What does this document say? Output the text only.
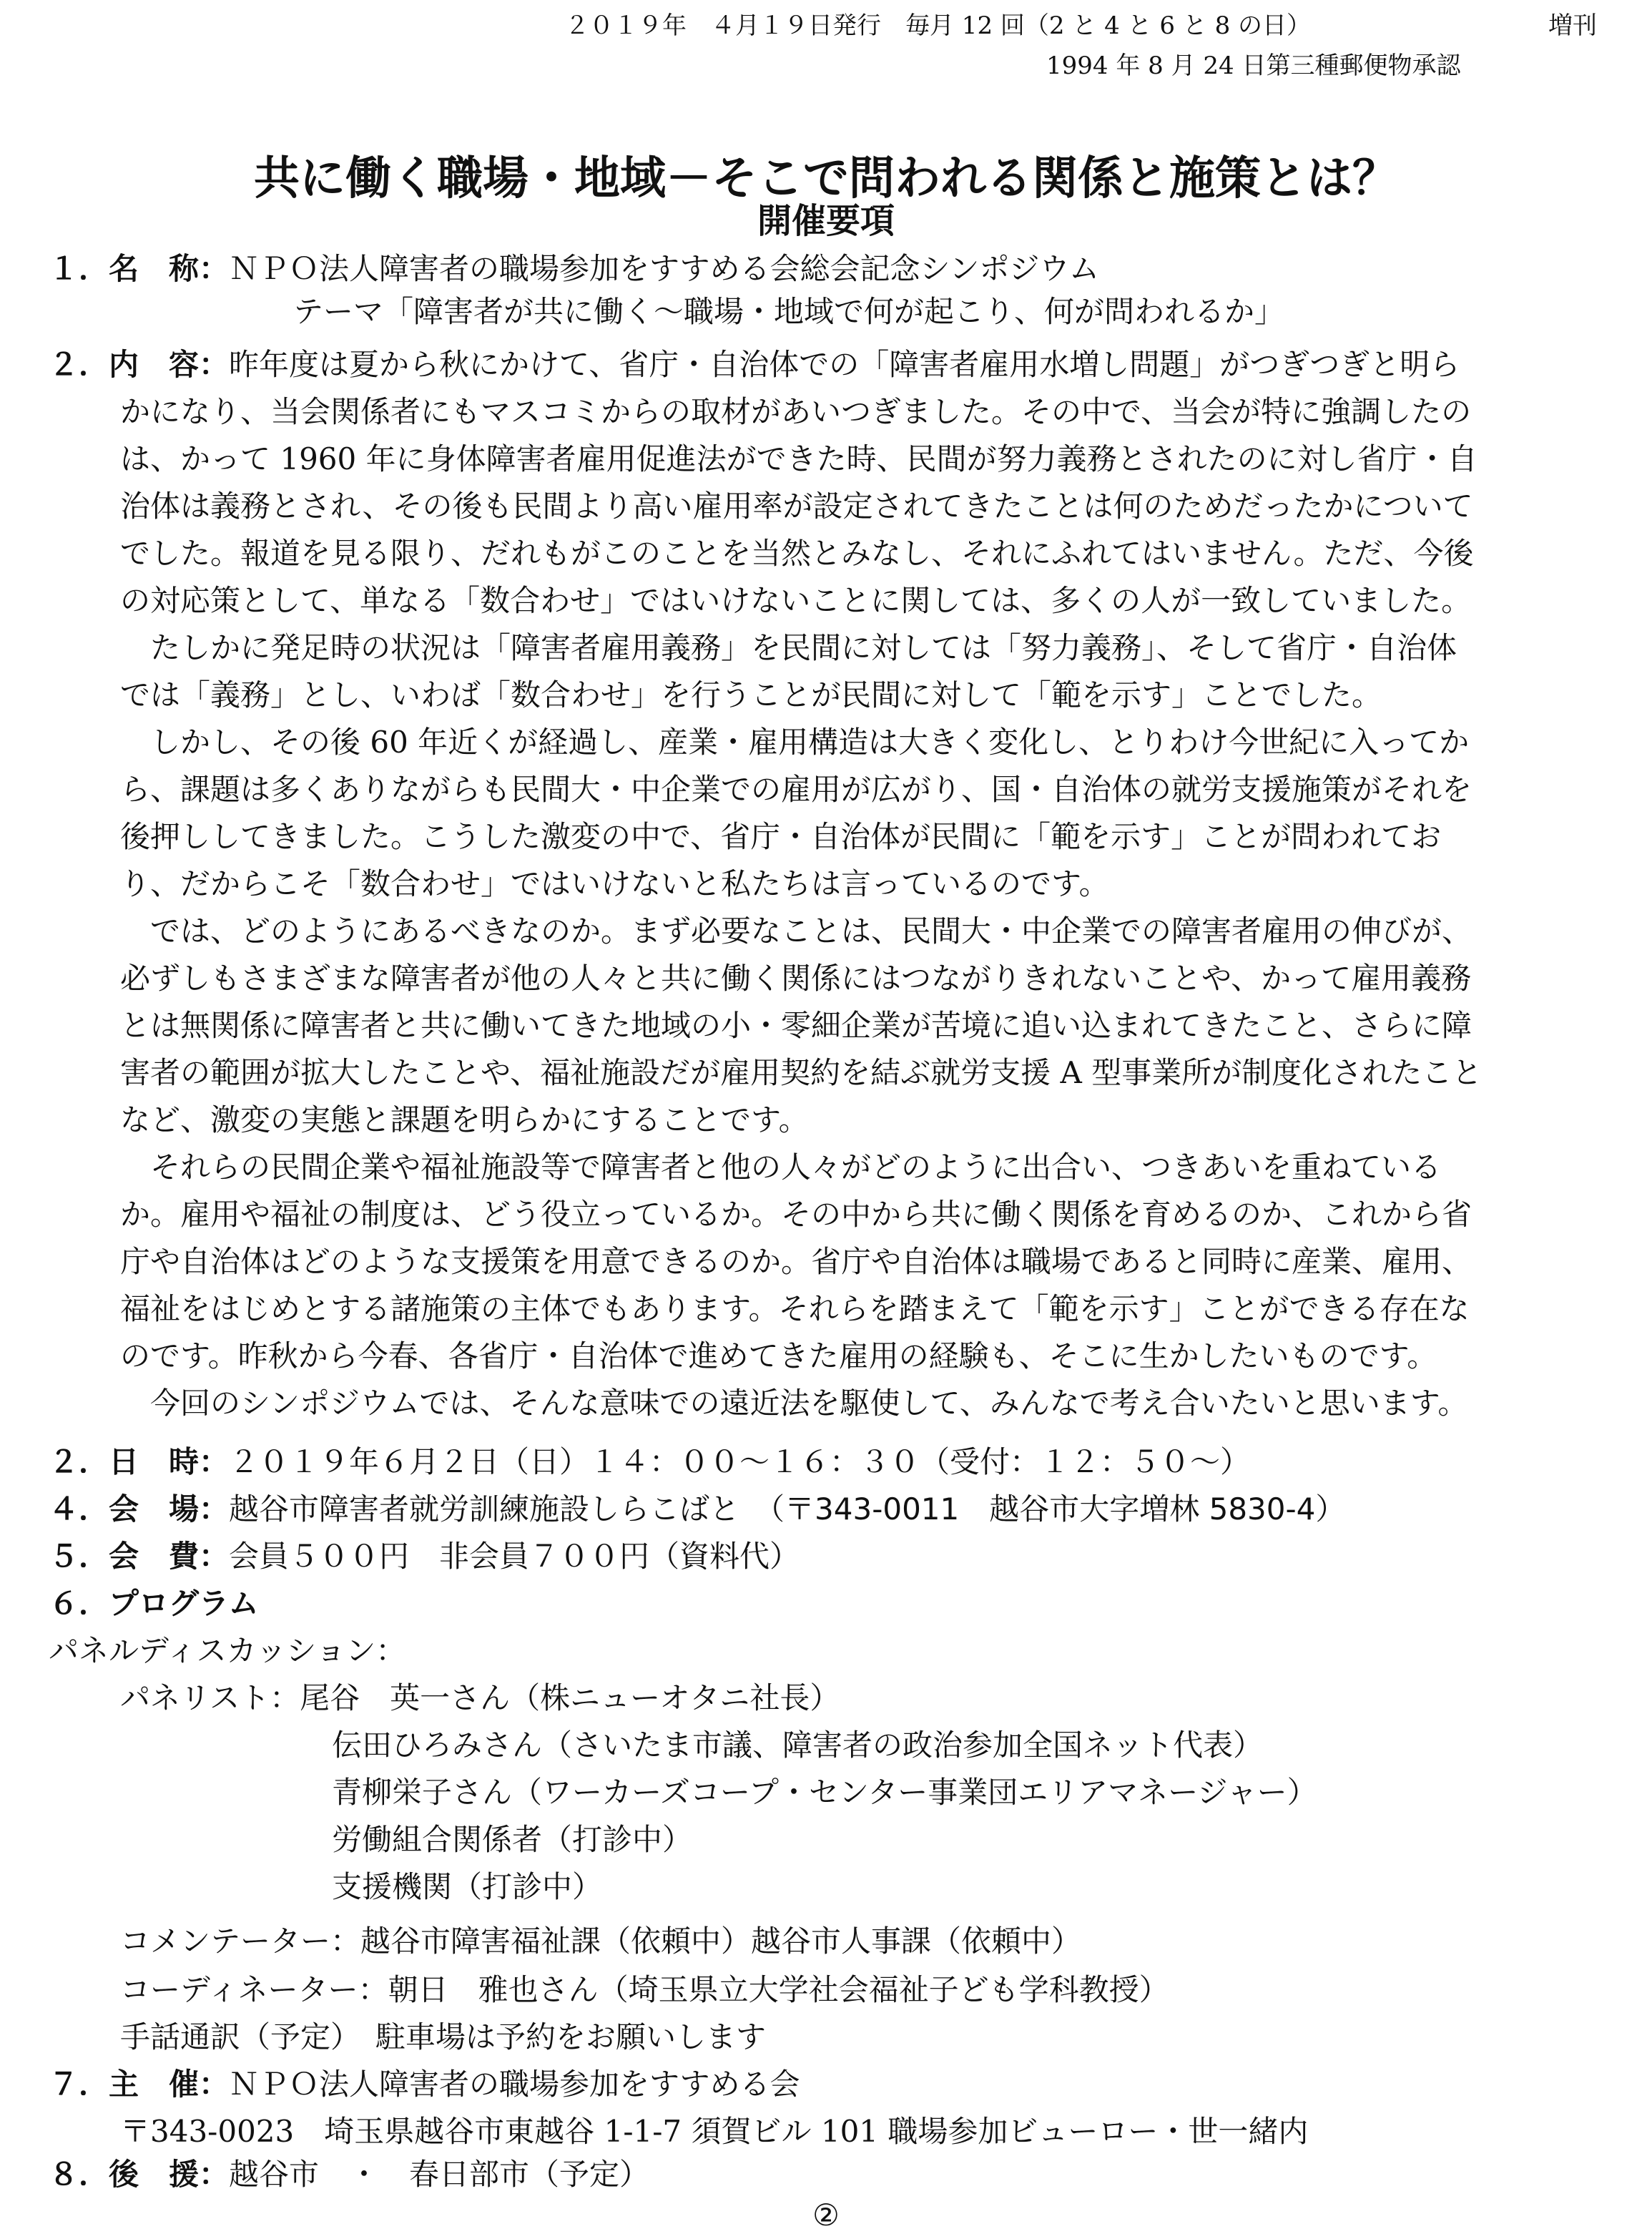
２０１９年　４月１９日発行　毎月 12 回（2 と 4 と 6 と 8 の日）	増刊
1994 年 8 月 24 日第三種郵便物承認
共に働く職場・地域－そこで問われる関係と施策とは？
開催要項
１．名　称：ＮＰＯ法人障害者の職場参加をすすめる会総会記念シンポジウム
テーマ「障害者が共に働く～職場・地域で何が起こり、何が問われるか」
２．内　容：昨年度は夏から秋にかけて、省庁・自治体での「障害者雇用水増し問題」がつぎつぎと明ら
かになり、当会関係者にもマスコミからの取材があいつぎました。その中で、当会が特に強調したの
は、かって 1960 年に身体障害者雇用促進法ができた時、民間が努力義務とされたのに対し省庁・自
治体は義務とされ、その後も民間より高い雇用率が設定されてきたことは何のためだったかについて
でした。報道を見る限り、だれもがこのことを当然とみなし、それにふれてはいません。ただ、今後
の対応策として、単なる「数合わせ」ではいけないことに関しては、多くの人が一致していました。
　たしかに発足時の状況は「障害者雇用義務」を民間に対しては「努力義務」、そして省庁・自治体
では「義務」とし、いわば「数合わせ」を行うことが民間に対して「範を示す」ことでした。
　しかし、その後 60 年近くが経過し、産業・雇用構造は大きく変化し、とりわけ今世紀に入ってか
ら、課題は多くありながらも民間大・中企業での雇用が広がり、国・自治体の就労支援施策がそれを
後押ししてきました。こうした激変の中で、省庁・自治体が民間に「範を示す」ことが問われてお
り、だからこそ「数合わせ」ではいけないと私たちは言っているのです。
　では、どのようにあるべきなのか。まず必要なことは、民間大・中企業での障害者雇用の伸びが、
必ずしもさまざまな障害者が他の人々と共に働く関係にはつながりきれないことや、かって雇用義務
とは無関係に障害者と共に働いてきた地域の小・零細企業が苦境に追い込まれてきたこと、さらに障
害者の範囲が拡大したことや、福祉施設だが雇用契約を結ぶ就労支援 A 型事業所が制度化されたこと
など、激変の実態と課題を明らかにすることです。
　それらの民間企業や福祉施設等で障害者と他の人々がどのように出合い、つきあいを重ねている
か。雇用や福祉の制度は、どう役立っているか。その中から共に働く関係を育めるのか、これから省
庁や自治体はどのような支援策を用意できるのか。省庁や自治体は職場であると同時に産業、雇用、
福祉をはじめとする諸施策の主体でもあります。それらを踏まえて「範を示す」ことができる存在な
のです。昨秋から今春、各省庁・自治体で進めてきた雇用の経験も、そこに生かしたいものです。
　今回のシンポジウムでは、そんな意味での遠近法を駆使して、みんなで考え合いたいと思います。
２．日　時：２０１９年６月２日（日）１４：００～１６：３０（受付：１２：５０～）
４．会　場：越谷市障害者就労訓練施設しらこばと　（〒343-0011　越谷市大字増林 5830-4）
５．会　費：会員５００円　非会員７００円（資料代）
６．プログラム
パネルディスカッション：
パネリスト：尾谷　英一さん（株ニューオタニ社長）
伝田ひろみさん（さいたま市議、障害者の政治参加全国ネット代表）
青柳栄子さん（ワーカーズコープ・センター事業団エリアマネージャー）
労働組合関係者（打診中）
支援機関（打診中）
コメンテーター：越谷市障害福祉課（依頼中）越谷市人事課（依頼中）
コーディネーター：朝日　雅也さん（埼玉県立大学社会福祉子ども学科教授）
手話通訳（予定）　駐車場は予約をお願いします
７．主　催：ＮＰＯ法人障害者の職場参加をすすめる会
〒343-0023　埼玉県越谷市東越谷 1-1-7 須賀ビル 101 職場参加ビューロー・世一緒内
８．後　援：越谷市　・　春日部市（予定）
②
